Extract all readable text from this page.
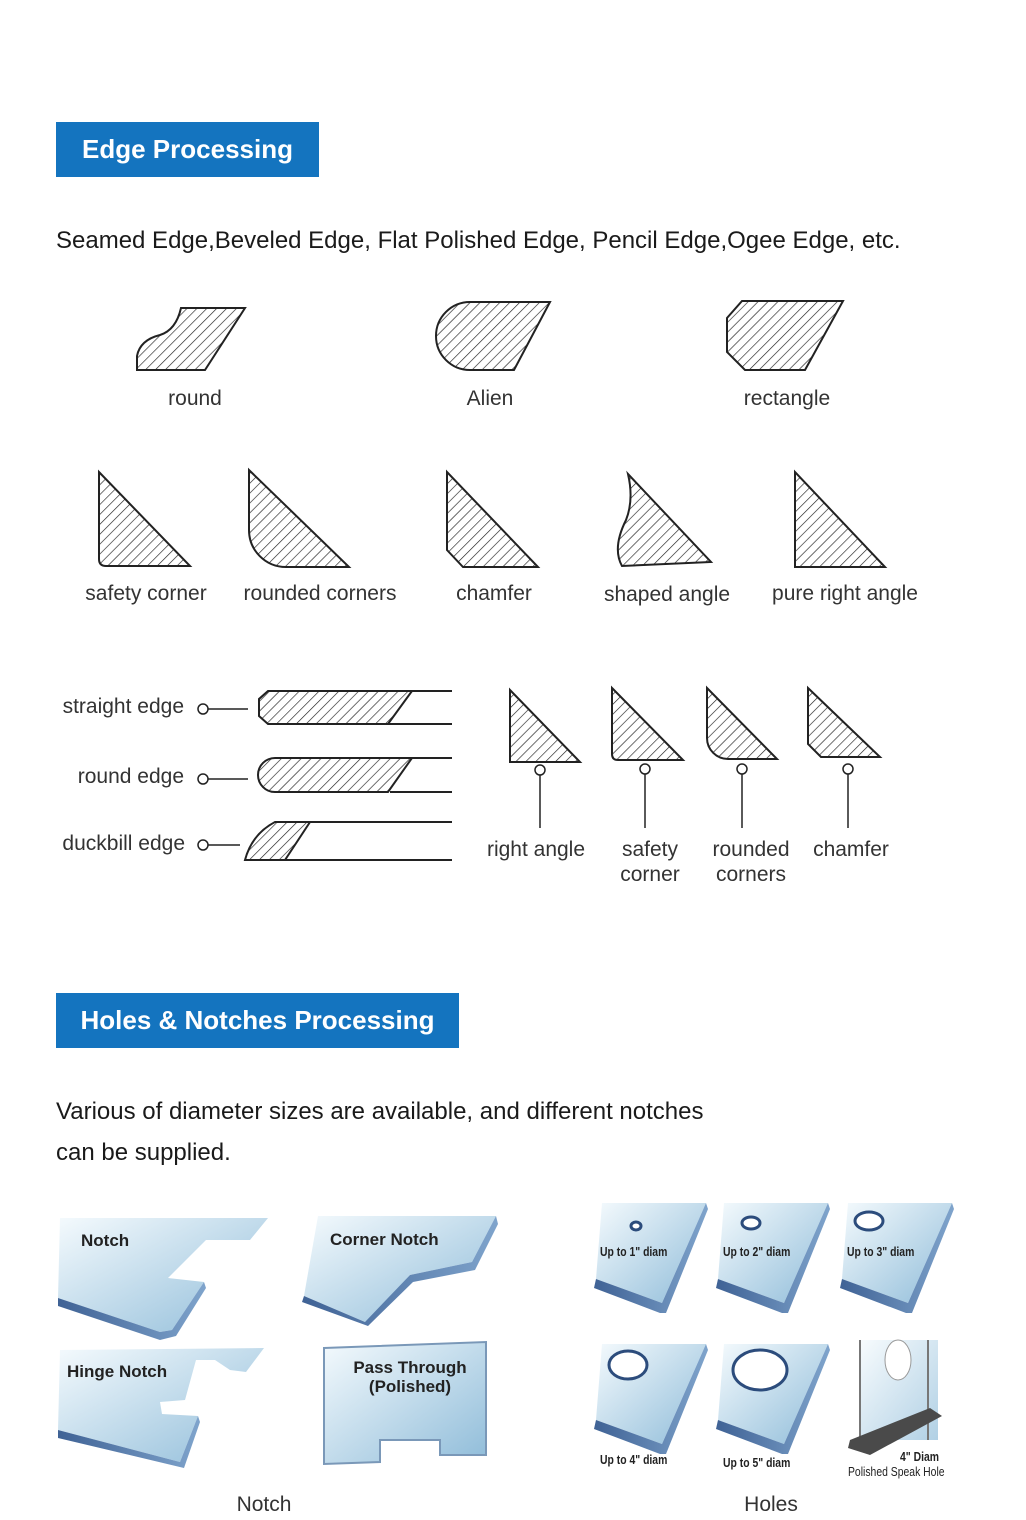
Edge Processing
Seamed Edge,Beveled Edge, Flat Polished Edge, Pencil Edge,Ogee Edge, etc.
round	Alien	rectangle
safety corner rounded corners	chamfer	shaped angle pure right angle
straight edge
round edge
duckbill edge	right angle safety
corner
rounded
corners
chamfer
Holes & Notches Processing
Various of diameter sizes are available, and different notches
can be supplied.
Notch	Corner Notch
Hinge Notch	Pass Through
(Polished)
Notch
Up to 1" diam	Up to 2" diam	Up to 3" diam
Up to 4" diam	Up to 5" diam	4" Diam
Polished Speak Hole
Holes
